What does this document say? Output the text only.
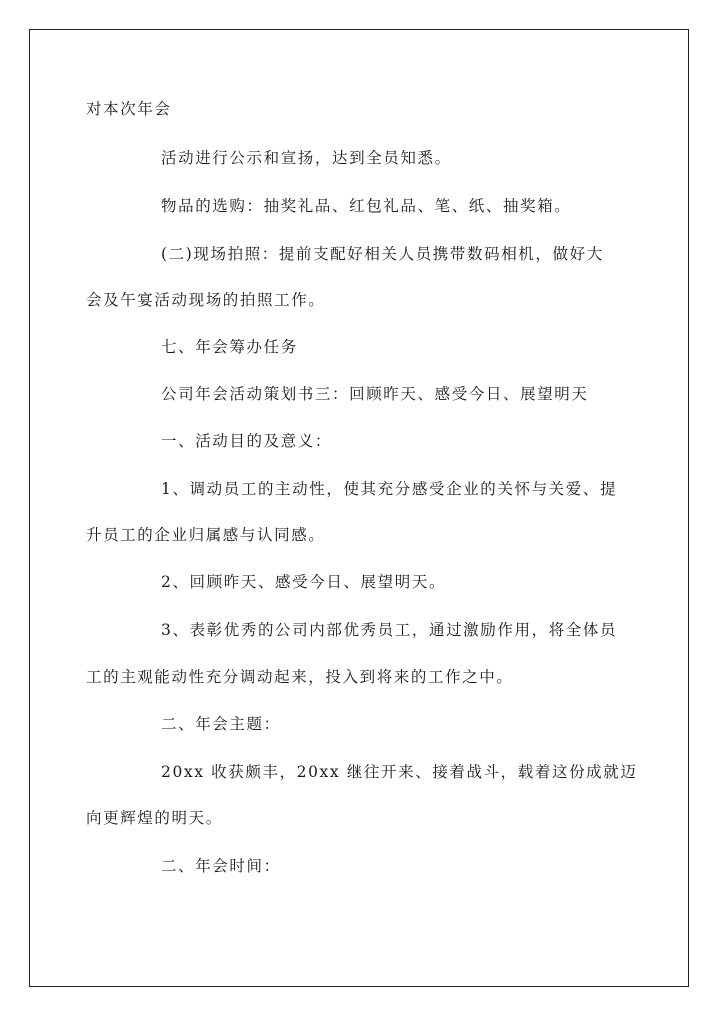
对本次年会
活动进行公示和宣扬，达到全员知悉。
物品的选购：抽奖礼品、红包礼品、笔、纸、抽奖箱。
(二)现场拍照：提前支配好相关人员携带数码相机，做好大
会及午宴活动现场的拍照工作。
七、年会筹办任务
公司年会活动策划书三：回顾昨天、感受今日、展望明天
一、活动目的及意义：
1、调动员工的主动性，使其充分感受企业的关怀与关爱、提
升员工的企业归属感与认同感。
2、回顾昨天、感受今日、展望明天。
3、表彰优秀的公司内部优秀员工，通过激励作用，将全体员
工的主观能动性充分调动起来，投入到将来的工作之中。
二、年会主题：
20xx 收获颇丰，20xx 继往开来、接着战斗，载着这份成就迈
向更辉煌的明天。
二、年会时间：
